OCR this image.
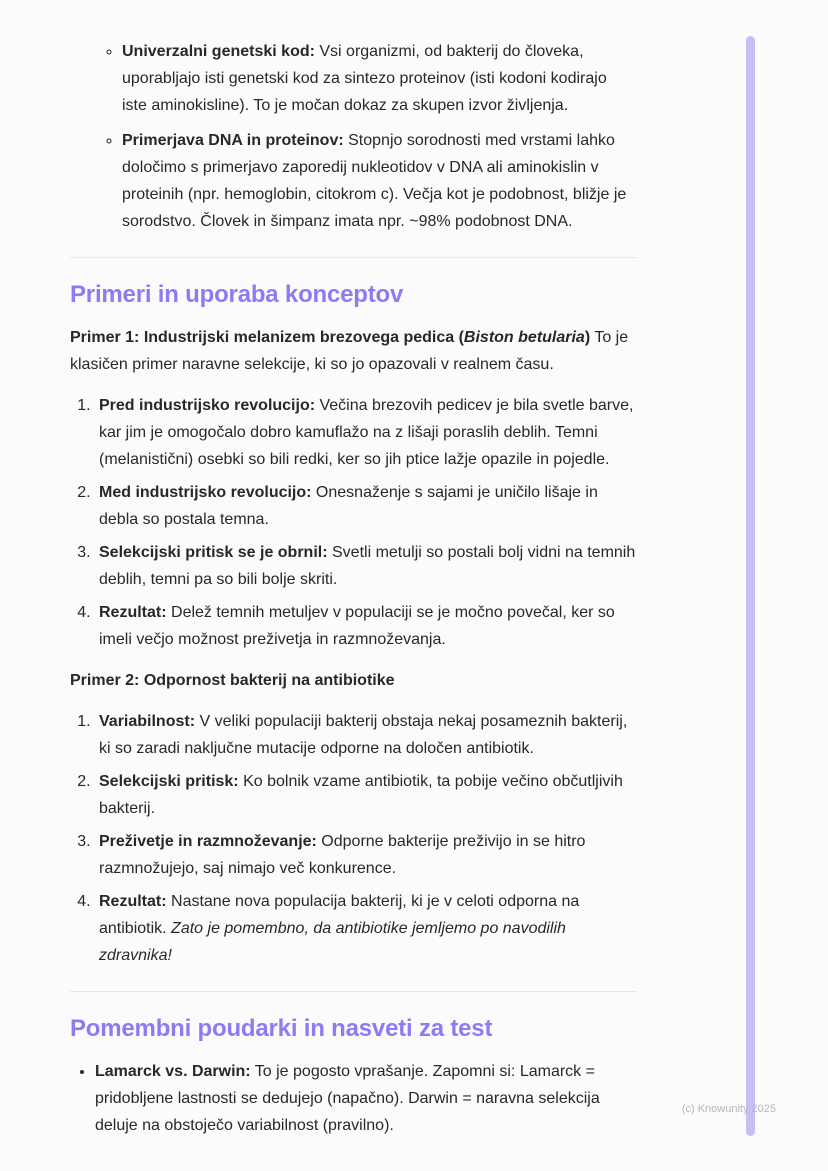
◦ Univerzalni genetski kod: Vsi organizmi, od bakterij do človeka, uporabljajo isti genetski kod za sintezo proteinov (isti kodoni kodirajo iste aminokisline). To je močan dokaz za skupen izvor življenja.
◦ Primerjava DNA in proteinov: Stopnjo sorodnosti med vrstami lahko določimo s primerjavo zaporedij nukleotidov v DNA ali aminokislin v proteinih (npr. hemoglobin, citokrom c). Večja kot je podobnost, bližje je sorodstvo. Človek in šimpanz imata npr. ~98% podobnost DNA.
Primeri in uporaba konceptov

Primer 1: Industrijski melanizem brezovega pedica (Biston betularia) To je klasičen primer naravne selekcije, ki so jo opazovali v realnem času.

1. Pred industrijsko revolucijo: Večina brezovih pedicev je bila svetle barve, kar jim je omogočalo dobro kamuflažo na z lišaji poraslih deblih. Temni (melanistični) osebki so bili redki, ker so jih ptice lažje opazile in pojedle.
2. Med industrijsko revolucijo: Onesnaženje s sajami je uničilo lišaje in debla so postala temna.
3. Selekcijski pritisk se je obrnil: Svetli metulji so postali bolj vidni na temnih deblih, temni pa so bili bolje skriti.
4. Rezultat: Delež temnih metuljev v populaciji se je močno povečal, ker so imeli večjo možnost preživetja in razmnoževanja.

Primer 2: Odpornost bakterij na antibiotike

1. Variabilnost: V veliki populaciji bakterij obstaja nekaj posameznih bakterij, ki so zaradi naključne mutacije odporne na določen antibiotik.
2. Selekcijski pritisk: Ko bolnik vzame antibiotik, ta pobije večino občutljivih bakterij.
3. Preživetje in razmnoževanje: Odporne bakterije preživijo in se hitro razmnožujejo, saj nimajo več konkurence.
4. Rezultat: Nastane nova populacija bakterij, ki je v celoti odporna na antibiotik. Zato je pomembno, da antibiotike jemljemo po navodilih zdravnika!
Pomembni poudarki in nasveti za test
• Lamarck vs. Darwin: To je pogosto vprašanje. Zapomni si: Lamarck = pridobljene lastnosti se dedujejo (napačno). Darwin = naravna selekcija deluje na obstoječo variabilnost (pravilno).
(c) Knowunity 2025
